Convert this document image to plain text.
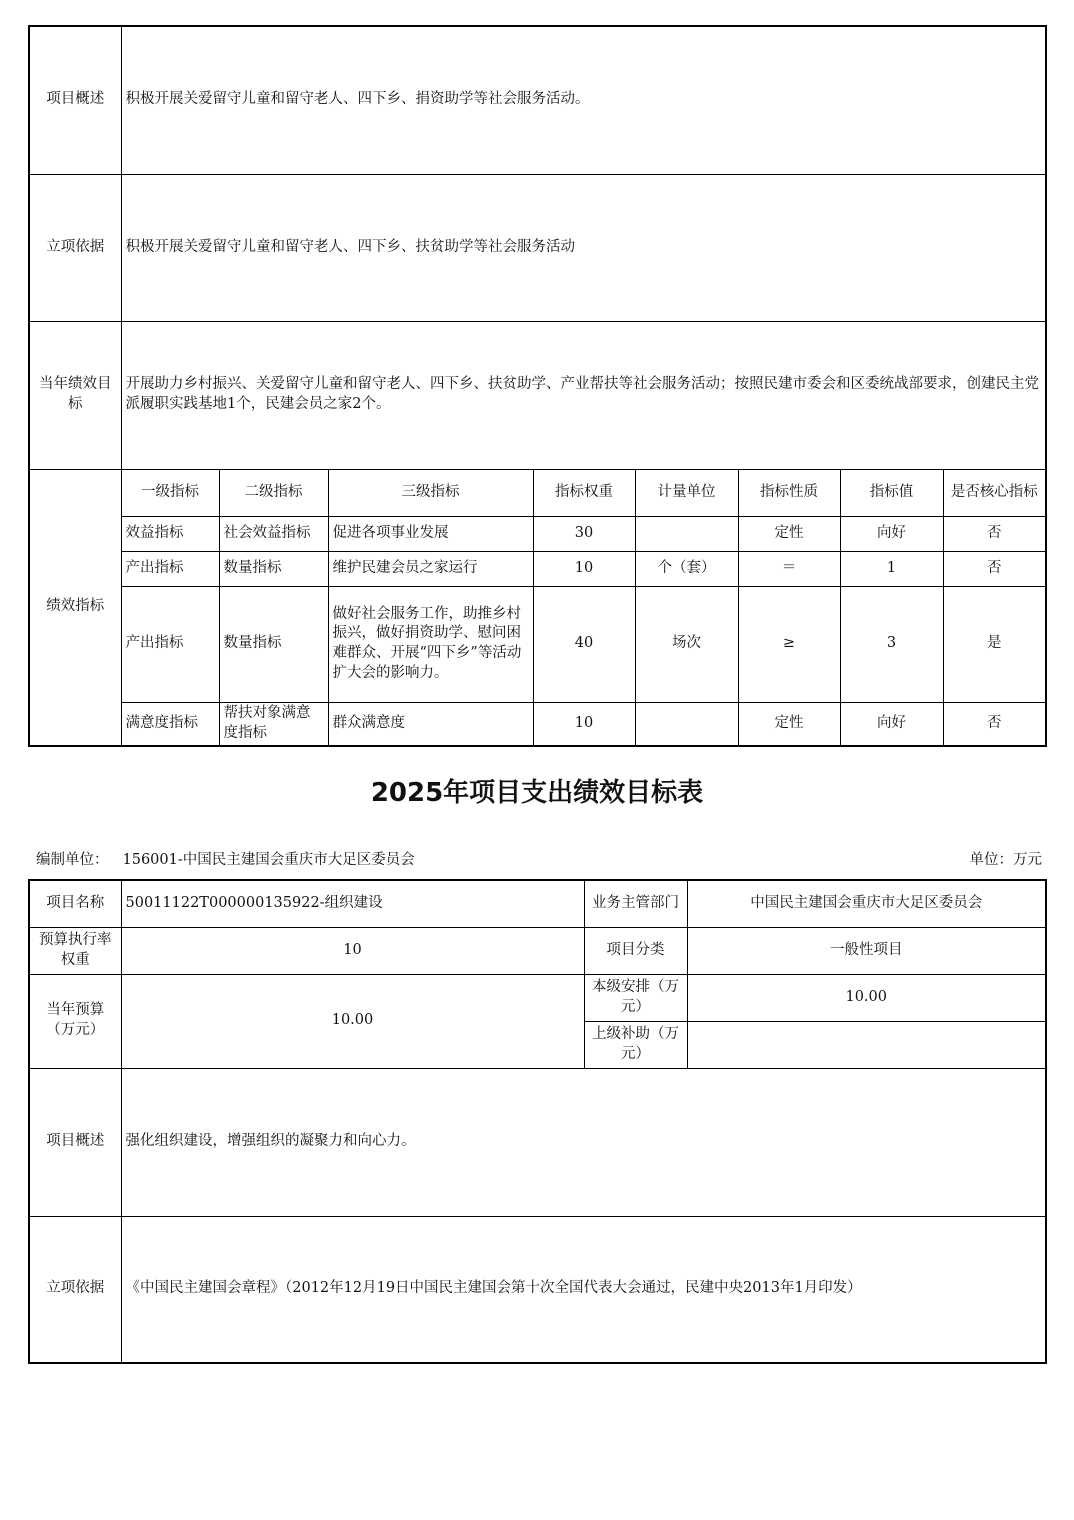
项目概述	积极开展关爱留守儿童和留守老人、四下乡、捐资助学等社会服务活动。							
立项依据	积极开展关爱留守儿童和留守老人、四下乡、扶贫助学等社会服务活动							
当年绩效目标	开展助力乡村振兴、关爱留守儿童和留守老人、四下乡、扶贫助学、产业帮扶等社会服务活动；按照民建市委会和区委统战部要求，创建民主党派履职实践基地1个，民建会员之家2个。							
绩效指标	一级指标	二级指标	三级指标	指标权重	计量单位	指标性质	指标值	是否核心指标
	效益指标	社会效益指标	促进各项事业发展	30		定性	向好	否
	产出指标	数量指标	维护民建会员之家运行	10	个（套）	＝	1	否
	产出指标	数量指标	做好社会服务工作，助推乡村振兴，做好捐资助学、慰问困难群众、开展“四下乡”等活动扩大会的影响力。	40	场次	≥	3	是
	满意度指标	帮扶对象满意度指标	群众满意度	10		定性	向好	否
2025年项目支出绩效目标表
编制单位： 156001-中国民主建国会重庆市大足区委员会	单位：万元
项目名称	50011122T000000135922-组织建设	业务主管部门	中国民主建国会重庆市大足区委员会
预算执行率权重	10	项目分类	一般性项目
当年预算（万元）	10.00	本级安排（万元）	10.00
		上级补助（万元）	
项目概述	强化组织建设，增强组织的凝聚力和向心力。		
立项依据	《中国民主建国会章程》（2012年12月19日中国民主建国会第十次全国代表大会通过，民建中央2013年1月印发）		
